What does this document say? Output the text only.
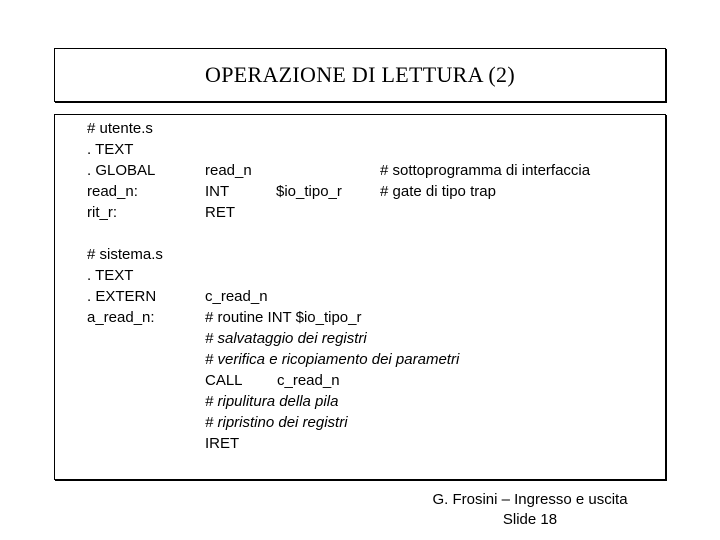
OPERAZIONE DI LETTURA (2)
# utente.s
. TEXT
. GLOBAL
read_n:
rit_r:
# sistema.s
. TEXT
. EXTERN
a_read_n:
read_n
INT	$io_tipo_r
RET
# sottoprogramma di interfaccia
# gate di tipo trap
c_read_n
# routine INT $io_tipo_r
# salvataggio dei registri
# verifica e ricopiamento dei parametri
CALL c_read_n
# ripulitura della pila
# ripristino dei registri
IRET
G. Frosini – Ingresso e uscita
Slide 18
